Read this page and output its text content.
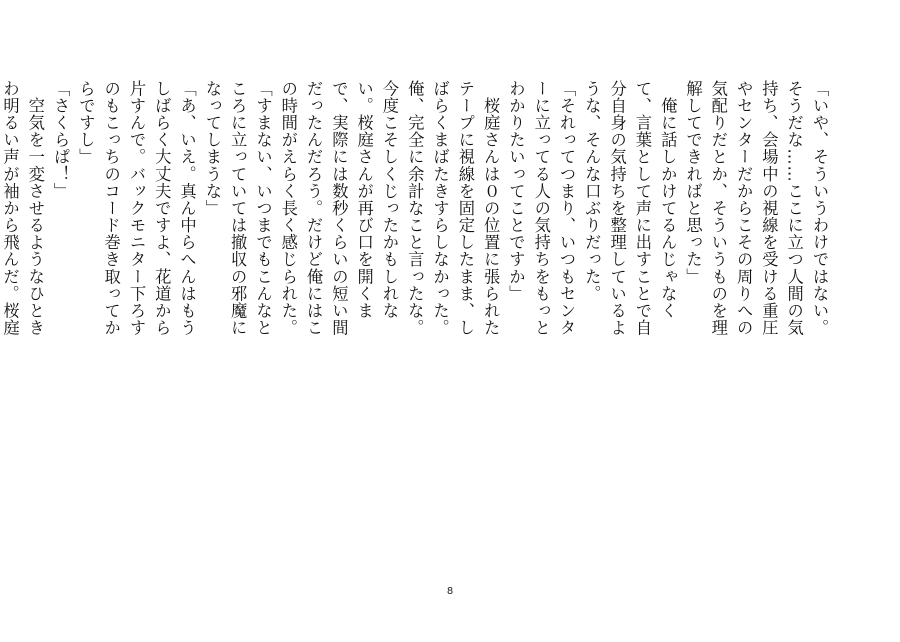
「いや、そういうわけではない。そうだな……ここに立つ人間の気持ち、会場中の視線を受ける重圧やセンターだからこその周りへの気配りだとか、そういうものを理解してできればと思った」

　俺に話しかけてるんじゃなくて、言葉として声に出すことで自分自身の気持ちを整理しているような、そんな口ぶりだった。

「それってつまり、いつもセンターに立ってる人の気持ちをもっとわかりたいってことですか」

　桜庭さんは０の位置に張られたテープに視線を固定したまま、しばらくまばたきすらしなかった。俺、完全に余計なこと言ったな。今度こそしくじったかもしれない。桜庭さんが再び口を開くまで、実際には数秒くらいの短い間だったんだろう。だけど俺にはこの時間がえらく長く感じられた。

「すまない、いつまでもこんなところに立っていては撤収の邪魔になってしまうな」

「あ、いえ。真ん中らへんはもうしばらく大丈夫ですよ、花道から片すんで。バックモニター下ろすのもこっちのコード巻き取ってからですし」

「さくらぱ！」

　空気を一変させるようなひときわ明るい声が袖から飛んだ。桜庭

8
